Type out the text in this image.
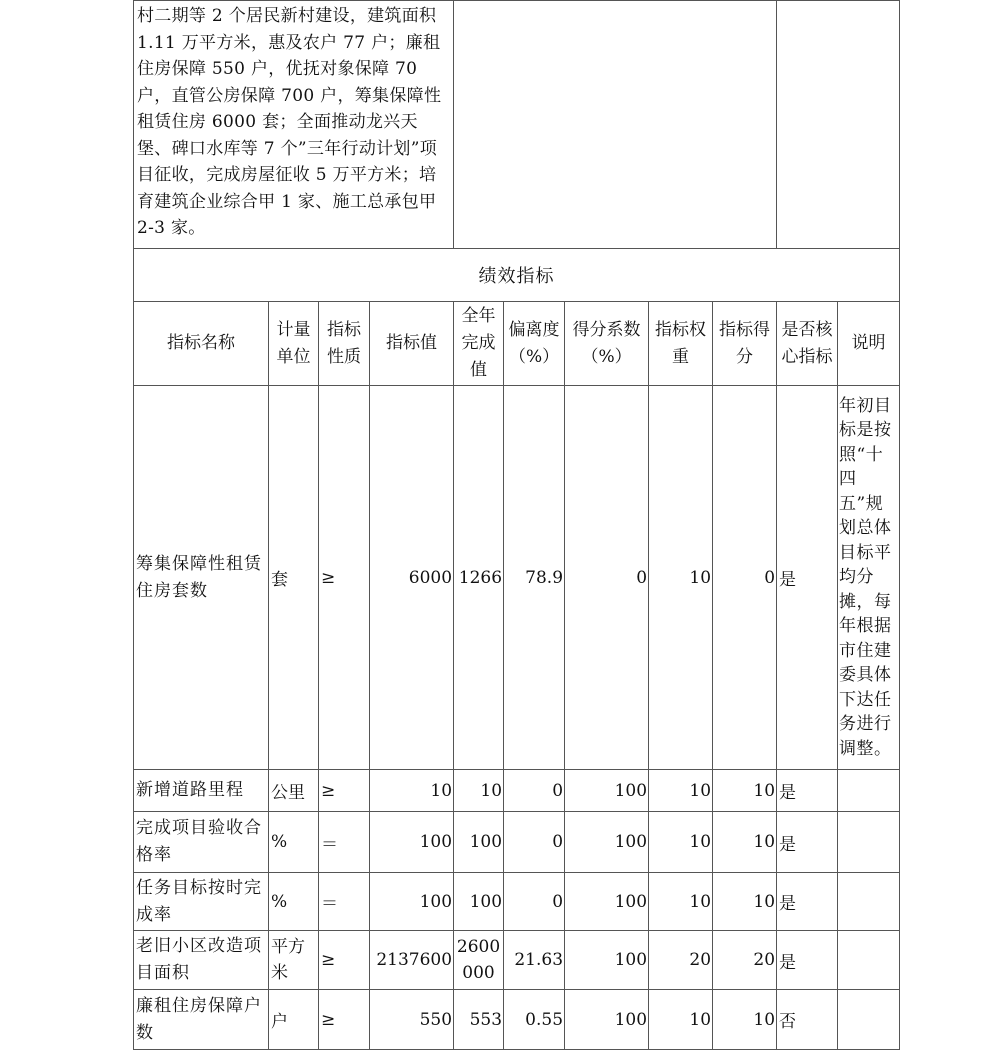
村二期等 2 个居民新村建设，建筑面积 1.11 万平方米，惠及农户 77 户；廉租住房保障 550 户，优抚对象保障 70 户，直管公房保障 700 户，筹集保障性租赁住房 6000 套；全面推动龙兴天堡、碑口水库等 7 个”三年行动计划”项目征收，完成房屋征收 5 万平方米；培育建筑企业综合甲 1 家、施工总承包甲 2-3 家。										
绩效指标										
指标名称	计量单位	指标性质	指标值	全年完成值	偏离度（%）	得分系数（%）	指标权重	指标得分	是否核心指标	说明
筹集保障性租赁住房套数	套	≥	6000	1266	78.9	0	10	0	是	年初目标是按照“十四五”规划总体目标平均分摊，每年根据市住建委具体下达任务进行调整。
新增道路里程	公里	≥	10	10	0	100	10	10	是	
完成项目验收合格率	%	＝	100	100	0	100	10	10	是	
任务目标按时完成率	%	＝	100	100	0	100	10	10	是	
老旧小区改造项目面积	平方米	≥	2137600	2600000	21.63	100	20	20	是	
廉租住房保障户数	户	≥	550	553	0.55	100	10	10	否	
